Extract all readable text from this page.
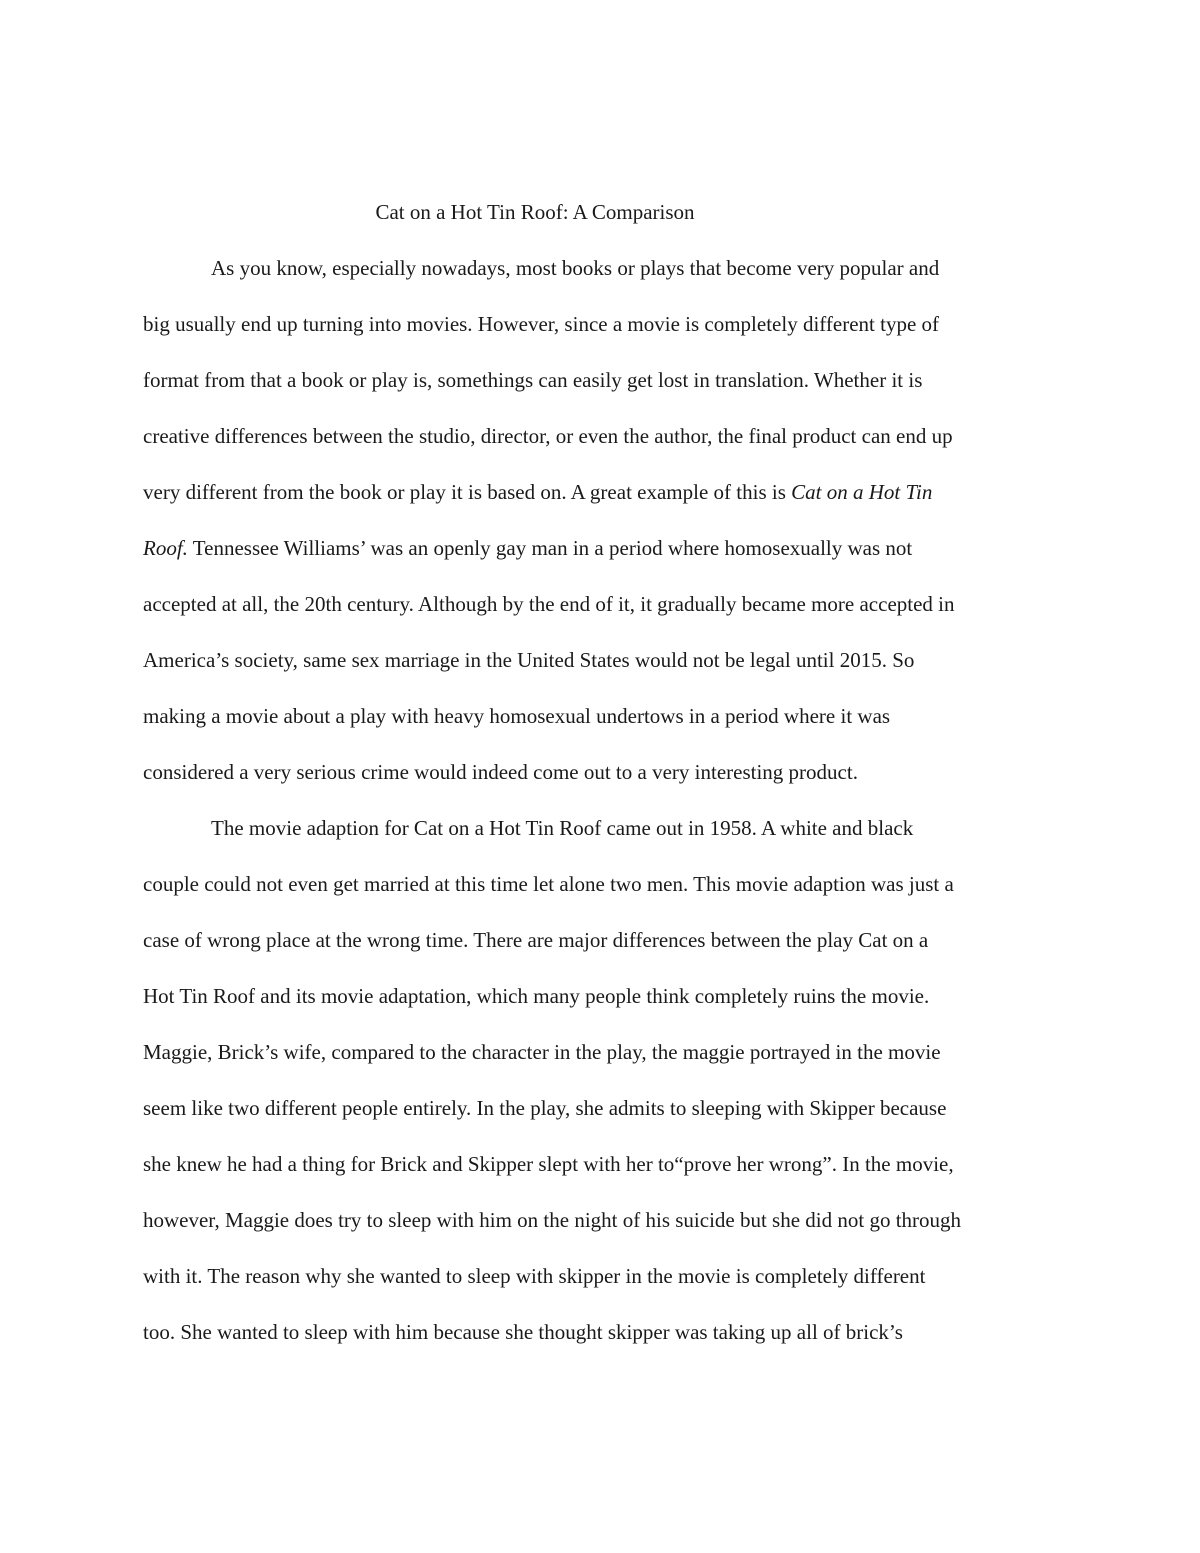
Cat on a Hot Tin Roof: A Comparison

As you know, especially nowadays, most books or plays that become very popular and

big usually end up turning into movies. However, since a movie is completely different type of

format from that a book or play is, somethings can easily get lost in translation. Whether it is

creative differences between the studio, director, or even the author, the final product can end up

very different from the book or play it is based on. A great example of this is Cat on a Hot Tin

Roof. Tennessee Williams’ was an openly gay man in a period where homosexually was not

accepted at all, the 20th century. Although by the end of it, it gradually became more accepted in

America’s society, same sex marriage in the United States would not be legal until 2015. So

making a movie about a play with heavy homosexual undertows in a period where it was

considered a very serious crime would indeed come out to a very interesting product.

The movie adaption for Cat on a Hot Tin Roof came out in 1958. A white and black

couple could not even get married at this time let alone two men. This movie adaption was just a

case of wrong place at the wrong time. There are major differences between the play Cat on a

Hot Tin Roof and its movie adaptation, which many people think completely ruins the movie.

Maggie, Brick’s wife, compared to the character in the play, the maggie portrayed in the movie

seem like two different people entirely. In the play, she admits to sleeping with Skipper because

she knew he had a thing for Brick and Skipper slept with her to“prove her wrong”. In the movie,

however, Maggie does try to sleep with him on the night of his suicide but she did not go through

with it. The reason why she wanted to sleep with skipper in the movie is completely different

too. She wanted to sleep with him because she thought skipper was taking up all of brick’s
